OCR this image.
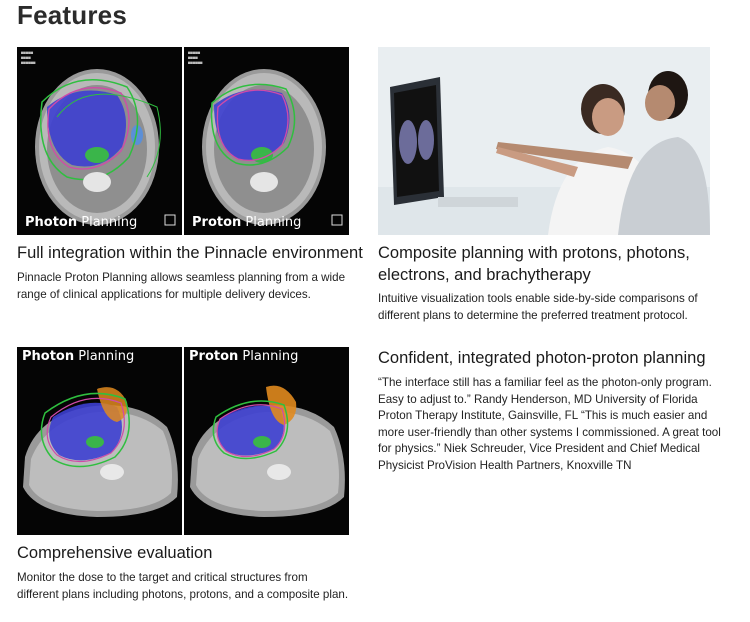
Features
■■■■■
■■■■
■■■■■■
Photon Planning
■■■■■
■■■■
■■■■■■
Proton Planning
Full integration within the Pinnacle environment
Pinnacle Proton Planning allows seamless planning from a wide
range of clinical applications for multiple delivery devices.
Composite planning with protons, photons,
electrons, and brachytherapy
Intuitive visualization tools enable side-by-side comparisons of
different plans to determine the preferred treatment protocol.
Photon Planning	Proton Planning
Comprehensive evaluation
Monitor the dose to the target and critical structures from
different plans including photons, protons, and a composite plan.
Confident, integrated photon-proton planning
“The interface still has a familiar feel as the photon-only program.
Easy to adjust to.” Randy Henderson, MD University of Florida
Proton Therapy Institute, Gainsville, FL “This is much easier and
more user-friendly than other systems I commissioned. A great tool
for physics.” Niek Schreuder, Vice President and Chief Medical
Physicist ProVision Health Partners, Knoxville TN
